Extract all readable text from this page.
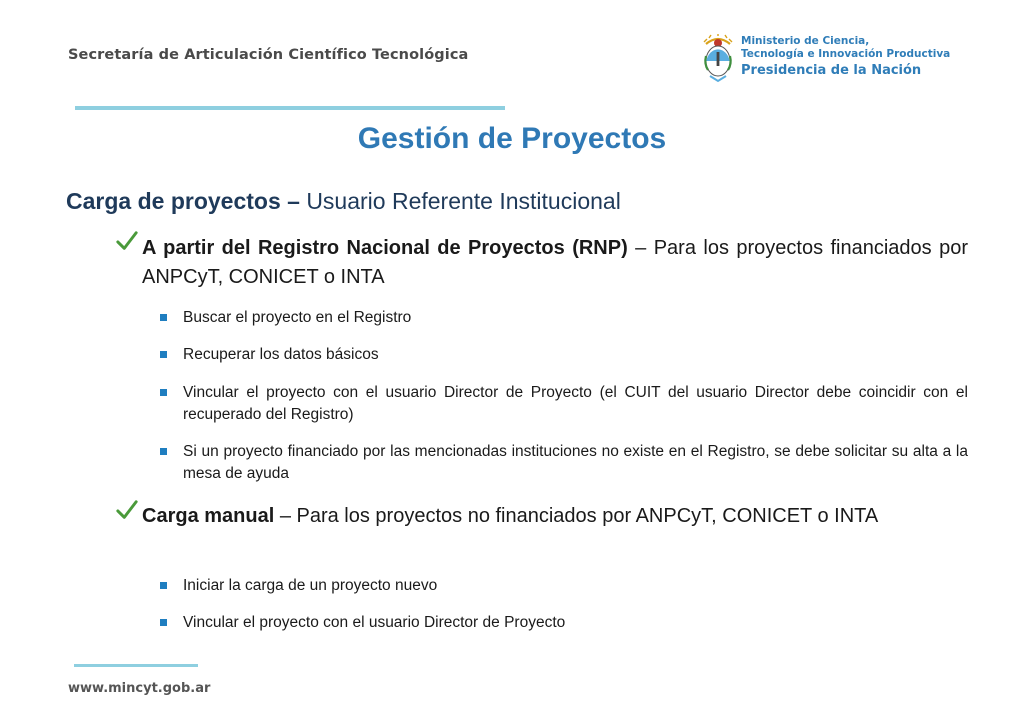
Secretaría de Articulación Científico Tecnológica
Ministerio de Ciencia,
Tecnología e Innovación Productiva
Presidencia de la Nación
Gestión de Proyectos
Carga de proyectos – Usuario Referente Institucional
A partir del Registro Nacional de Proyectos (RNP) – Para los proyectos financiados por ANPCyT, CONICET o INTA
Buscar el proyecto en el Registro
Recuperar los datos básicos
Vincular el proyecto con el usuario Director de Proyecto (el CUIT del usuario Director debe coincidir con el recuperado del Registro)
Si un proyecto financiado por las mencionadas instituciones no existe en el Registro, se debe solicitar su alta a la mesa de ayuda
Carga manual – Para los proyectos no financiados por ANPCyT, CONICET o INTA
Iniciar la carga de un proyecto nuevo
Vincular el proyecto con el usuario Director de Proyecto
www.mincyt.gob.ar
